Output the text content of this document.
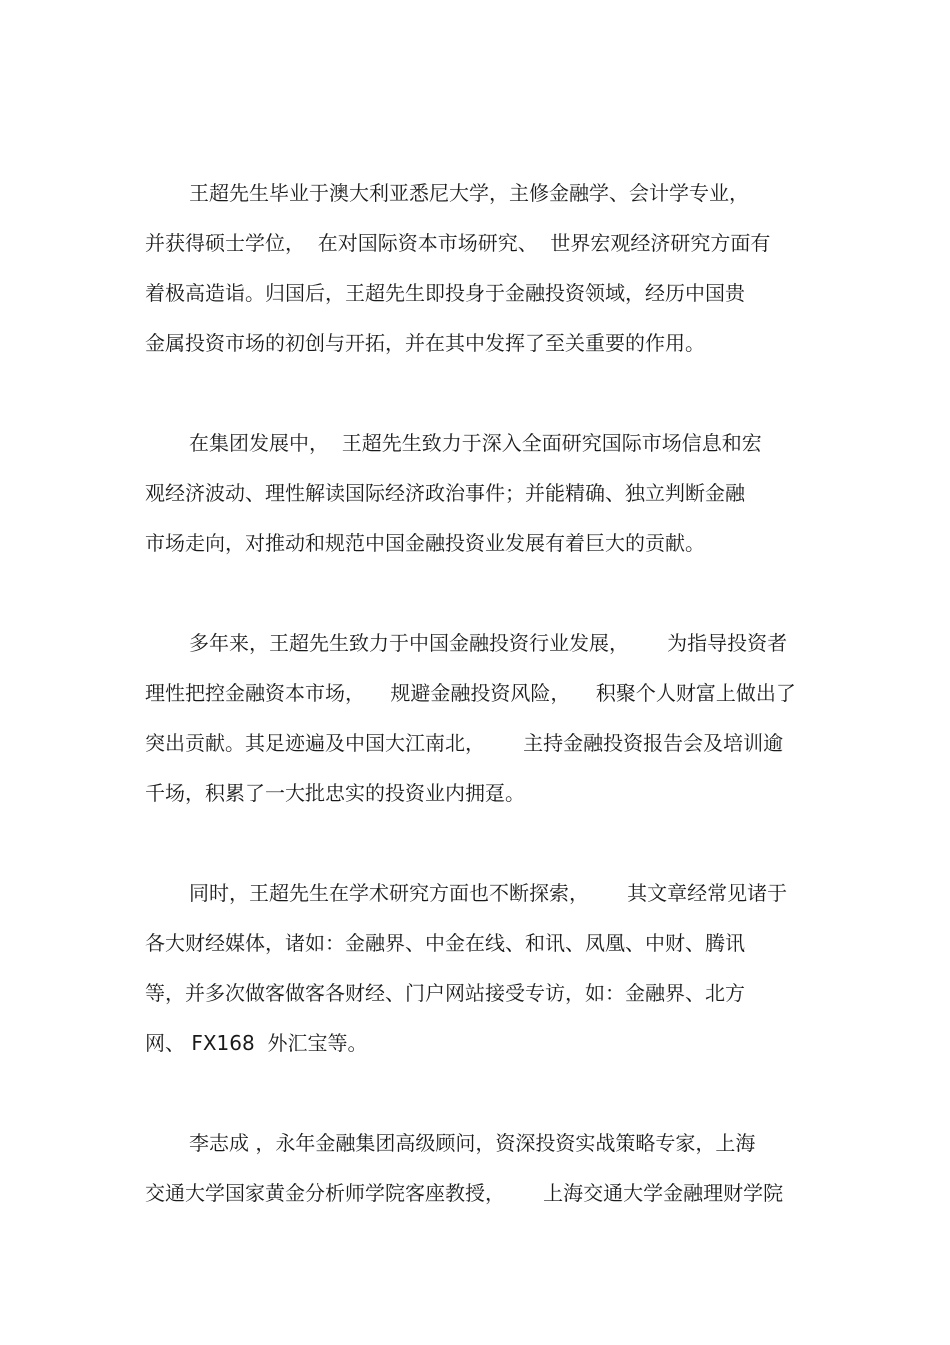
王超先生毕业于澳大利亚悉尼大学，主修金融学、会计学专业，
并获得硕士学位，  在对国际资本市场研究、  世界宏观经济研究方面有
着极高造诣。归国后，王超先生即投身于金融投资领域，经历中国贵
金属投资市场的初创与开拓，并在其中发挥了至关重要的作用。
在集团发展中，  王超先生致力于深入全面研究国际市场信息和宏
观经济波动、理性解读国际经济政治事件；并能精确、独立判断金融
市场走向，对推动和规范中国金融投资业发展有着巨大的贡献。
多年来，王超先生致力于中国金融投资行业发展，      为指导投资者
理性把控金融资本市场，    规避金融投资风险，    积聚个人财富上做出了
突出贡献。其足迹遍及中国大江南北，      主持金融投资报告会及培训逾
千场，积累了一大批忠实的投资业内拥趸。
同时，王超先生在学术研究方面也不断探索，      其文章经常见诸于
各大财经媒体，诸如：金融界、中金在线、和讯、凤凰、中财、腾讯
等，并多次做客做客各财经、门户网站接受专访，如：金融界、北方
网、 FX168  外汇宝等。
李志成 ，永年金融集团高级顾问，资深投资实战策略专家，上海
交通大学国家黄金分析师学院客座教授，      上海交通大学金融理财学院
